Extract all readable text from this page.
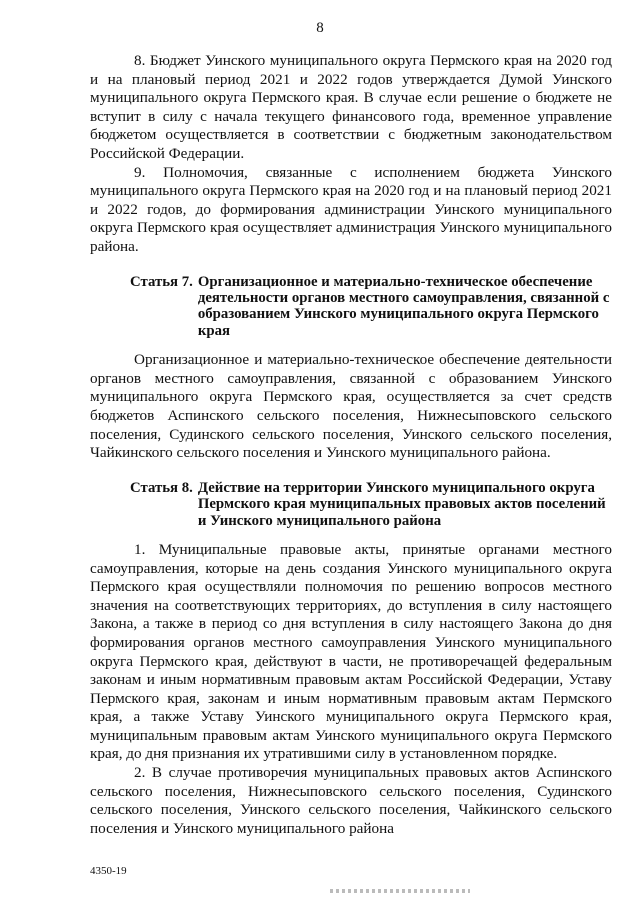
8

8. Бюджет Уинского муниципального округа Пермского края на 2020 год и на плановый период 2021 и 2022 годов утверждается Думой Уинского муниципального округа Пермского края. В случае если решение о бюджете не вступит в силу с начала текущего финансового года, временное управление бюджетом осуществляется в соответствии с бюджетным законодательством Российской Федерации.

9. Полномочия, связанные с исполнением бюджета Уинского муниципального округа Пермского края на 2020 год и на плановый период 2021 и 2022 годов, до формирования администрации Уинского муниципального округа Пермского края осуществляет администрация Уинского муниципального района.

Статья 7. Организационное и материально-техническое обеспечение деятельности органов местного самоуправления, связанной с образованием Уинского муниципального округа Пермского края

Организационное и материально-техническое обеспечение деятельности органов местного самоуправления, связанной с образованием Уинского муниципального округа Пермского края, осуществляется за счет средств бюджетов Аспинского сельского поселения, Нижнесыповского сельского поселения, Судинского сельского поселения, Уинского сельского поселения, Чайкинского сельского поселения и Уинского муниципального района.

Статья 8. Действие на территории Уинского муниципального округа Пермского края муниципальных правовых актов поселений и Уинского муниципального района

1. Муниципальные правовые акты, принятые органами местного самоуправления, которые на день создания Уинского муниципального округа Пермского края осуществляли полномочия по решению вопросов местного значения на соответствующих территориях, до вступления в силу настоящего Закона, а также в период со дня вступления в силу настоящего Закона до дня формирования органов местного самоуправления Уинского муниципального округа Пермского края, действуют в части, не противоречащей федеральным законам и иным нормативным правовым актам Российской Федерации, Уставу Пермского края, законам и иным нормативным правовым актам Пермского края, а также Уставу Уинского муниципального округа Пермского края, муниципальным правовым актам Уинского муниципального округа Пермского края, до дня признания их утратившими силу в установленном порядке.

2. В случае противоречия муниципальных правовых актов Аспинского сельского поселения, Нижнесыповского сельского поселения, Судинского сельского поселения, Уинского сельского поселения, Чайкинского сельского поселения и Уинского муниципального района

4350-19
